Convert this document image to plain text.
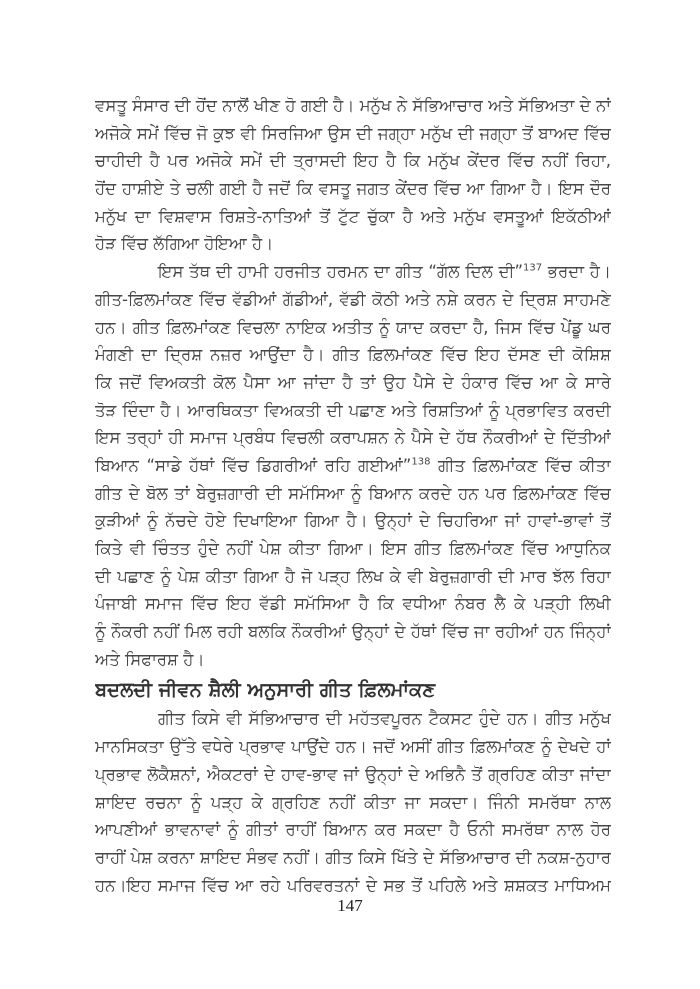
ਵਸਤੂ ਸੰਸਾਰ ਦੀ ਹੋਂਦ ਨਾਲੋਂ ਖੀਣ ਹੋ ਗਈ ਹੈ। ਮਨੁੱਖ ਨੇ ਸੱਭਿਆਚਾਰ ਅਤੇ ਸੱਭਿਅਤਾ ਦੇ ਨਾਂ
ਅਜੋਕੇ ਸਮੇਂ ਵਿੱਚ ਜੋ ਕੁਝ ਵੀ ਸਿਰਜਿਆ ਉਸ ਦੀ ਜਗ੍ਹਾ ਮਨੁੱਖ ਦੀ ਜਗ੍ਹਾ ਤੋਂ ਬਾਅਦ ਵਿੱਚ
ਚਾਹੀਦੀ ਹੈ ਪਰ ਅਜੋਕੇ ਸਮੇਂ ਦੀ ਤ੍ਰਾਸਦੀ ਇਹ ਹੈ ਕਿ ਮਨੁੱਖ ਕੇਂਦਰ ਵਿੱਚ ਨਹੀਂ ਰਿਹਾ,
ਹੋਂਦ ਹਾਸ਼ੀਏ ਤੇ ਚਲੀ ਗਈ ਹੈ ਜਦੋਂ ਕਿ ਵਸਤੂ ਜਗਤ ਕੇਂਦਰ ਵਿੱਚ ਆ ਗਿਆ ਹੈ। ਇਸ ਦੌਰ
ਮਨੁੱਖ ਦਾ ਵਿਸ਼ਵਾਸ ਰਿਸ਼ਤੇ-ਨਾਤਿਆਂ ਤੋਂ ਟੁੱਟ ਚੁੱਕਾ ਹੈ ਅਤੇ ਮਨੁੱਖ ਵਸਤੂਆਂ ਇਕੱਠੀਆਂ
ਹੋੜ ਵਿੱਚ ਲੱਗਿਆ ਹੋਇਆ ਹੈ।
ਇਸ ਤੱਥ ਦੀ ਹਾਮੀ ਹਰਜੀਤ ਹਰਮਨ ਦਾ ਗੀਤ “ਗੱਲ ਦਿਲ ਦੀ”$^{137}$ ਭਰਦਾ ਹੈ।
ਗੀਤ-ਫ਼ਿਲਮਾਂਕਣ ਵਿੱਚ ਵੱਡੀਆਂ ਗੱਡੀਆਂ, ਵੱਡੀ ਕੋਠੀ ਅਤੇ ਨਸ਼ੇ ਕਰਨ ਦੇ ਦ੍ਰਿਸ਼ ਸਾਹਮਣੇ
ਹਨ। ਗੀਤ ਫ਼ਿਲਮਾਂਕਣ ਵਿਚਲਾ ਨਾਇਕ ਅਤੀਤ ਨੂੰ ਯਾਦ ਕਰਦਾ ਹੈ, ਜਿਸ ਵਿੱਚ ਪੇਂਡੂ ਘਰ
ਮੰਗਣੀ ਦਾ ਦ੍ਰਿਸ਼ ਨਜ਼ਰ ਆਉਂਦਾ ਹੈ। ਗੀਤ ਫ਼ਿਲਮਾਂਕਣ ਵਿੱਚ ਇਹ ਦੱਸਣ ਦੀ ਕੋਸ਼ਿਸ਼
ਕਿ ਜਦੋਂ ਵਿਅਕਤੀ ਕੋਲ ਪੈਸਾ ਆ ਜਾਂਦਾ ਹੈ ਤਾਂ ਉਹ ਪੈਸੇ ਦੇ ਹੰਕਾਰ ਵਿੱਚ ਆ ਕੇ ਸਾਰੇ
ਤੋੜ ਦਿੰਦਾ ਹੈ। ਆਰਥਿਕਤਾ ਵਿਅਕਤੀ ਦੀ ਪਛਾਣ ਅਤੇ ਰਿਸ਼ਤਿਆਂ ਨੂੰ ਪ੍ਰਭਾਵਿਤ ਕਰਦੀ
ਇਸ ਤਰ੍ਹਾਂ ਹੀ ਸਮਾਜ ਪ੍ਰਬੰਧ ਵਿਚਲੀ ਕਰਾਪਸ਼ਨ ਨੇ ਪੈਸੇ ਦੇ ਹੱਥ ਨੌਕਰੀਆਂ ਦੇ ਦਿੱਤੀਆਂ
ਬਿਆਨ “ਸਾਡੇ ਹੱਥਾਂ ਵਿੱਚ ਡਿਗਰੀਆਂ ਰਹਿ ਗਈਆਂ”$^{138}$ ਗੀਤ ਫ਼ਿਲਮਾਂਕਣ ਵਿੱਚ ਕੀਤਾ
ਗੀਤ ਦੇ ਬੋਲ ਤਾਂ ਬੇਰੁਜ਼ਗਾਰੀ ਦੀ ਸਮੱਸਿਆ ਨੂੰ ਬਿਆਨ ਕਰਦੇ ਹਨ ਪਰ ਫ਼ਿਲਮਾਂਕਣ ਵਿੱਚ
ਕੁੜੀਆਂ ਨੂੰ ਨੱਚਦੇ ਹੋਏ ਦਿਖਾਇਆ ਗਿਆ ਹੈ। ਉਨ੍ਹਾਂ ਦੇ ਚਿਹਰਿਆ ਜਾਂ ਹਾਵਾਂ-ਭਾਵਾਂ ਤੋਂ
ਕਿਤੇ ਵੀ ਚਿੰਤਤ ਹੁੰਦੇ ਨਹੀਂ ਪੇਸ਼ ਕੀਤਾ ਗਿਆ। ਇਸ ਗੀਤ ਫ਼ਿਲਮਾਂਕਣ ਵਿੱਚ ਆਧੁਨਿਕ
ਦੀ ਪਛਾਣ ਨੂੰ ਪੇਸ਼ ਕੀਤਾ ਗਿਆ ਹੈ ਜੋ ਪੜ੍ਹ ਲਿਖ ਕੇ ਵੀ ਬੇਰੁਜ਼ਗਾਰੀ ਦੀ ਮਾਰ ਝੱਲ ਰਿਹਾ
ਪੰਜਾਬੀ ਸਮਾਜ ਵਿੱਚ ਇਹ ਵੱਡੀ ਸਮੱਸਿਆ ਹੈ ਕਿ ਵਧੀਆ ਨੰਬਰ ਲੈ ਕੇ ਪੜ੍ਹੀ ਲਿਖੀ
ਨੂੰ ਨੌਕਰੀ ਨਹੀਂ ਮਿਲ ਰਹੀ ਬਲਕਿ ਨੌਕਰੀਆਂ ਉਨ੍ਹਾਂ ਦੇ ਹੱਥਾਂ ਵਿੱਚ ਜਾ ਰਹੀਆਂ ਹਨ ਜਿੰਨ੍ਹਾਂ
ਅਤੇ ਸਿਫਾਰਸ਼ ਹੈ।
ਬਦਲਦੀ ਜੀਵਨ ਸ਼ੈਲੀ ਅਨੁਸਾਰੀ ਗੀਤ ਫ਼ਿਲਮਾਂਕਣ
ਗੀਤ ਕਿਸੇ ਵੀ ਸੱਭਿਆਚਾਰ ਦੀ ਮਹੱਤਵਪੂਰਨ ਟੈਕਸਟ ਹੁੰਦੇ ਹਨ। ਗੀਤ ਮਨੁੱਖ
ਮਾਨਸਿਕਤਾ ਉੱਤੇ ਵਧੇਰੇ ਪ੍ਰਭਾਵ ਪਾਉਂਦੇ ਹਨ। ਜਦੋਂ ਅਸੀਂ ਗੀਤ ਫ਼ਿਲਮਾਂਕਣ ਨੂੰ ਦੇਖਦੇ ਹਾਂ
ਪ੍ਰਭਾਵ ਲੋਕੈਸ਼ਨਾਂ, ਐਕਟਰਾਂ ਦੇ ਹਾਵ-ਭਾਵ ਜਾਂ ਉਨ੍ਹਾਂ ਦੇ ਅਭਿਨੈ ਤੋਂ ਗ੍ਰਹਿਣ ਕੀਤਾ ਜਾਂਦਾ
ਸ਼ਾਇਦ ਰਚਨਾ ਨੂੰ ਪੜ੍ਹ ਕੇ ਗ੍ਰਹਿਣ ਨਹੀਂ ਕੀਤਾ ਜਾ ਸਕਦਾ। ਜਿੰਨੀ ਸਮਰੱਥਾ ਨਾਲ
ਆਪਣੀਆਂ ਭਾਵਨਾਵਾਂ ਨੂੰ ਗੀਤਾਂ ਰਾਹੀਂ ਬਿਆਨ ਕਰ ਸਕਦਾ ਹੈ ਓਨੀ ਸਮਰੱਥਾ ਨਾਲ ਹੋਰ
ਰਾਹੀਂ ਪੇਸ਼ ਕਰਨਾ ਸ਼ਾਇਦ ਸੰਭਵ ਨਹੀਂ। ਗੀਤ ਕਿਸੇ ਖਿੱਤੇ ਦੇ ਸੱਭਿਆਚਾਰ ਦੀ ਨਕਸ਼-ਨੁਹਾਰ
ਹਨ।ਇਹ ਸਮਾਜ ਵਿੱਚ ਆ ਰਹੇ ਪਰਿਵਰਤਨਾਂ ਦੇ ਸਭ ਤੋਂ ਪਹਿਲੇ ਅਤੇ ਸ਼ਸ਼ਕਤ ਮਾਧਿਅਮ
147
